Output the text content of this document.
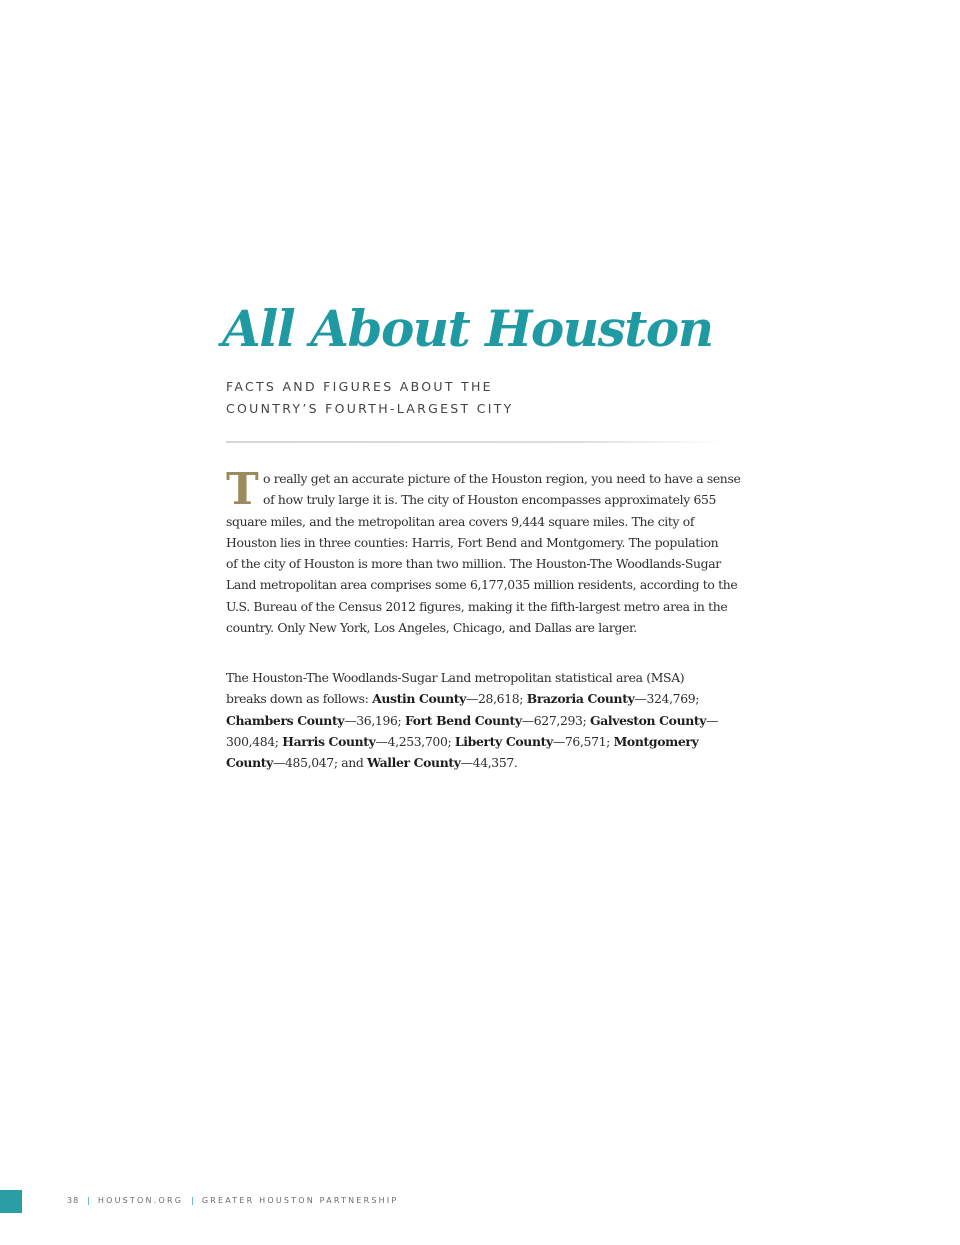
All About Houston
FACTS AND FIGURES ABOUT THE
COUNTRY’S FOURTH-LARGEST CITY
T o really get an accurate picture of the Houston region, you need to have a sense
of how truly large it is. The city of Houston encompasses approximately 655
square miles, and the metropolitan area covers 9,444 square miles. The city of
Houston lies in three counties: Harris, Fort Bend and Montgomery. The population
of the city of Houston is more than two million. The Houston-The Woodlands-Sugar
Land metropolitan area comprises some 6,177,035 million residents, according to the
U.S. Bureau of the Census 2012 figures, making it the fifth-largest metro area in the
country. Only New York, Los Angeles, Chicago, and Dallas are larger.

The Houston-The Woodlands-Sugar Land metropolitan statistical area (MSA)
breaks down as follows: Austin County—28,618; Brazoria County—324,769;
Chambers County—36,196; Fort Bend County—627,293; Galveston County—
300,484; Harris County—4,253,700; Liberty County—76,571; Montgomery
County—485,047; and Waller County—44,357.

38 | HOUSTON.ORG | GREATER HOUSTON PARTNERSHIP
